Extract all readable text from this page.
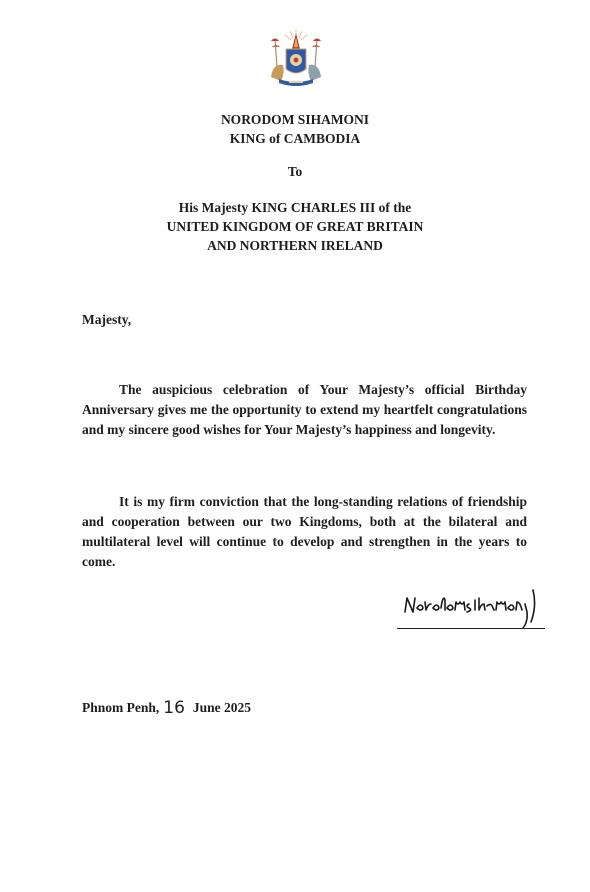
NORODOM SIHAMONI
KING of CAMBODIA
To
His Majesty KING CHARLES III of the
UNITED KINGDOM OF GREAT BRITAIN
AND NORTHERN IRELAND
Majesty,

The auspicious celebration of Your Majesty’s official Birthday Anniversary gives me the opportunity to extend my heartfelt congratulations and my sincere good wishes for Your Majesty’s happiness and longevity.

It is my firm conviction that the long-standing relations of friendship and cooperation between our two Kingdoms, both at the bilateral and multilateral level will continue to develop and strengthen in the years to come.

Phnom Penh, 16 June 2025
